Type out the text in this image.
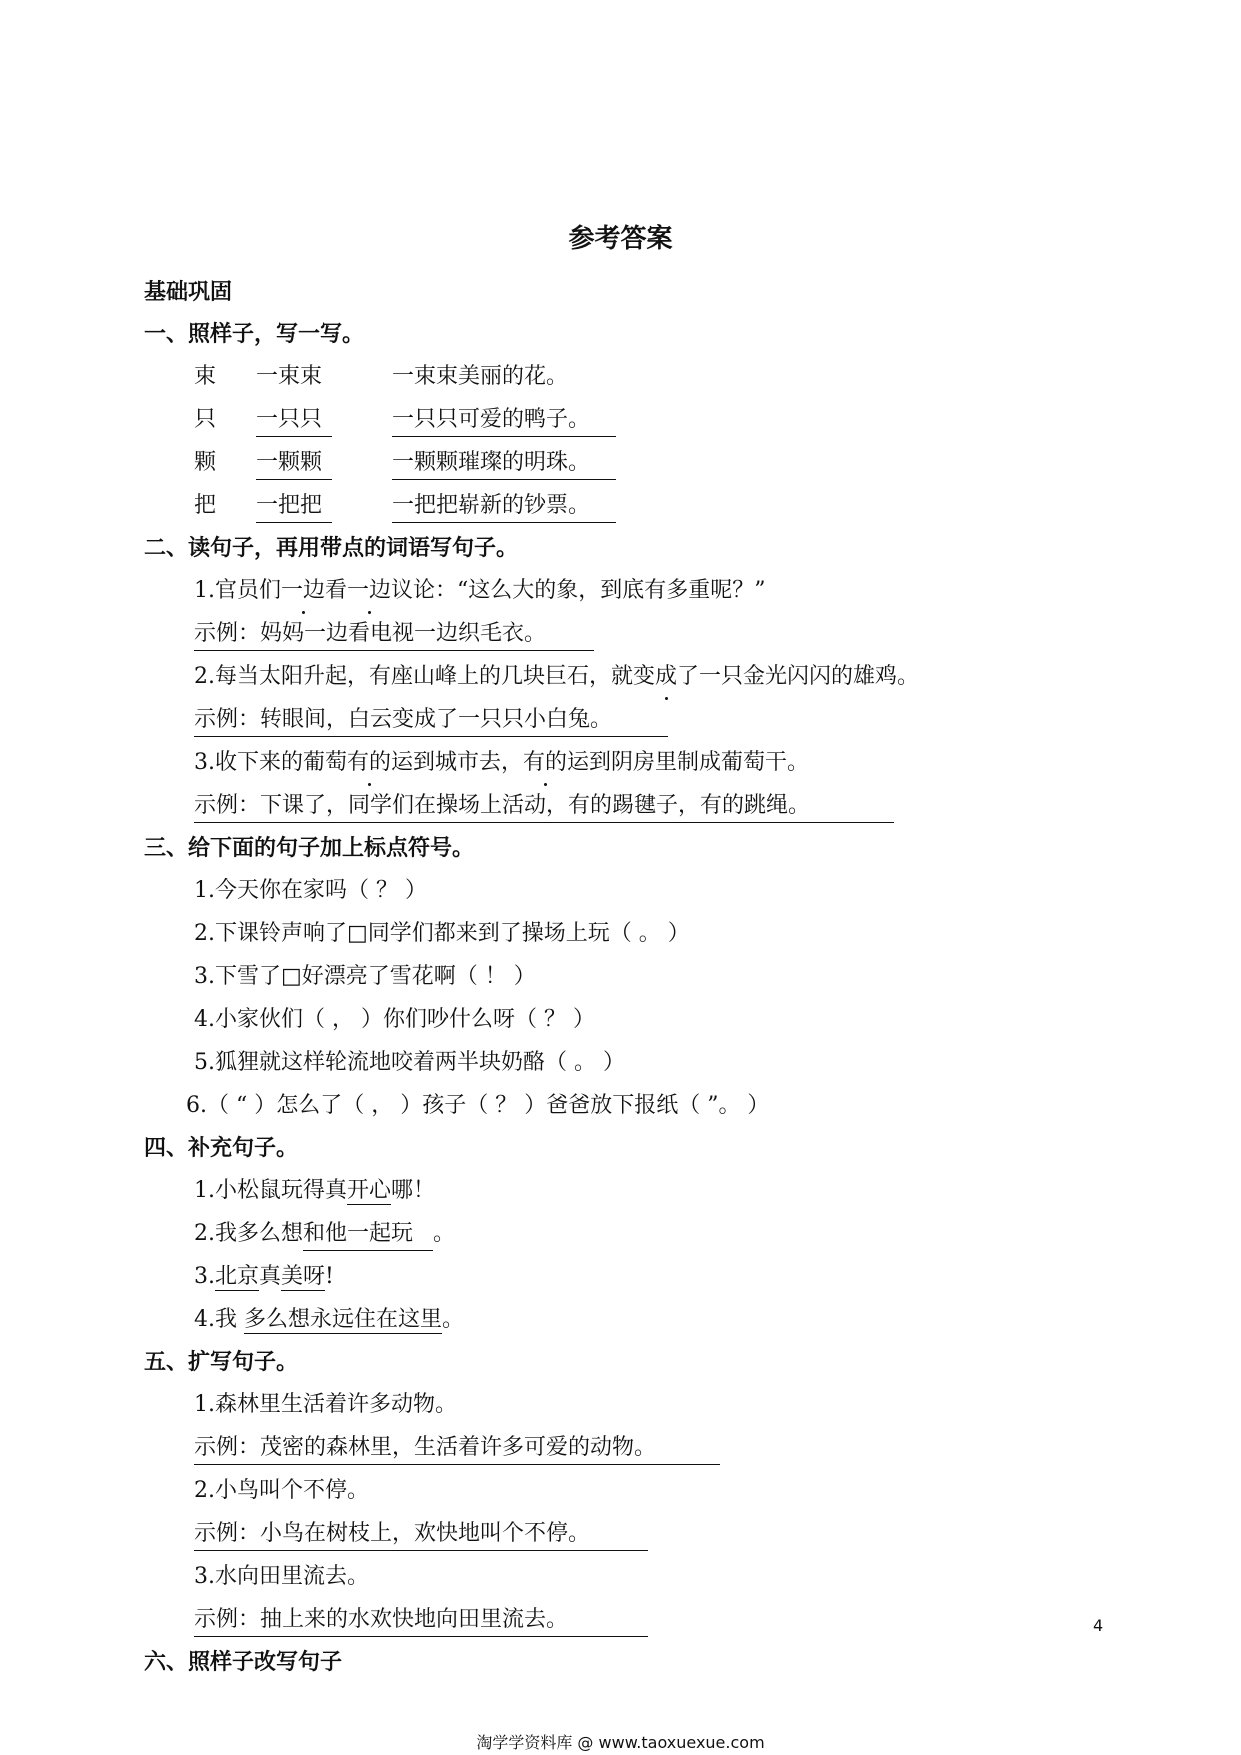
参考答案
基础巩固
一、照样子，写一写。
束 一束束	一束束美丽的花。
只 一只只	一只只可爱的鸭子。
颗 一颗颗	一颗颗璀璨的明珠。
把 一把把	一把把崭新的钞票。
二、读句子，再用带点的词语写句子。
1.官员们一边看一边议论：“这么大的象，到底有多重呢？”
示例：妈妈一边看电视一边织毛衣。
2.每当太阳升起，有座山峰上的几块巨石，就变成了一只金光闪闪的雄鸡。
示例：转眼间，白云变成了一只只小白兔。
3.收下来的葡萄有的运到城市去，有的运到阴房里制成葡萄干。
示例：下课了，同学们在操场上活动，有的踢毽子，有的跳绳。
三、给下面的句子加上标点符号。
1.今天你在家吗（ ？ ）
2.下课铃声响了□同学们都来到了操场上玩（ 。 ）
3.下雪了□好漂亮了雪花啊（ ！ ）
4.小家伙们（ ， ）你们吵什么呀（ ？ ）
5.狐狸就这样轮流地咬着两半块奶酪（ 。 ）
6.（ “ ）怎么了（ ， ）孩子（ ？ ）爸爸放下报纸（ ”。 ）
四、补充句子。
1.小松鼠玩得真开心哪！
2.我多么想和他一起玩 。
3.北京真美呀!
4.我 多么想永远住在这里。
五、扩写句子。
1.森林里生活着许多动物。
示例：茂密的森林里，生活着许多可爱的动物。
2.小鸟叫个不停。
示例：小鸟在树枝上，欢快地叫个不停。
3.水向田里流去。
示例：抽上来的水欢快地向田里流去。
六、照样子改写句子
4
淘学学资料库 @ www.taoxuexue.com
